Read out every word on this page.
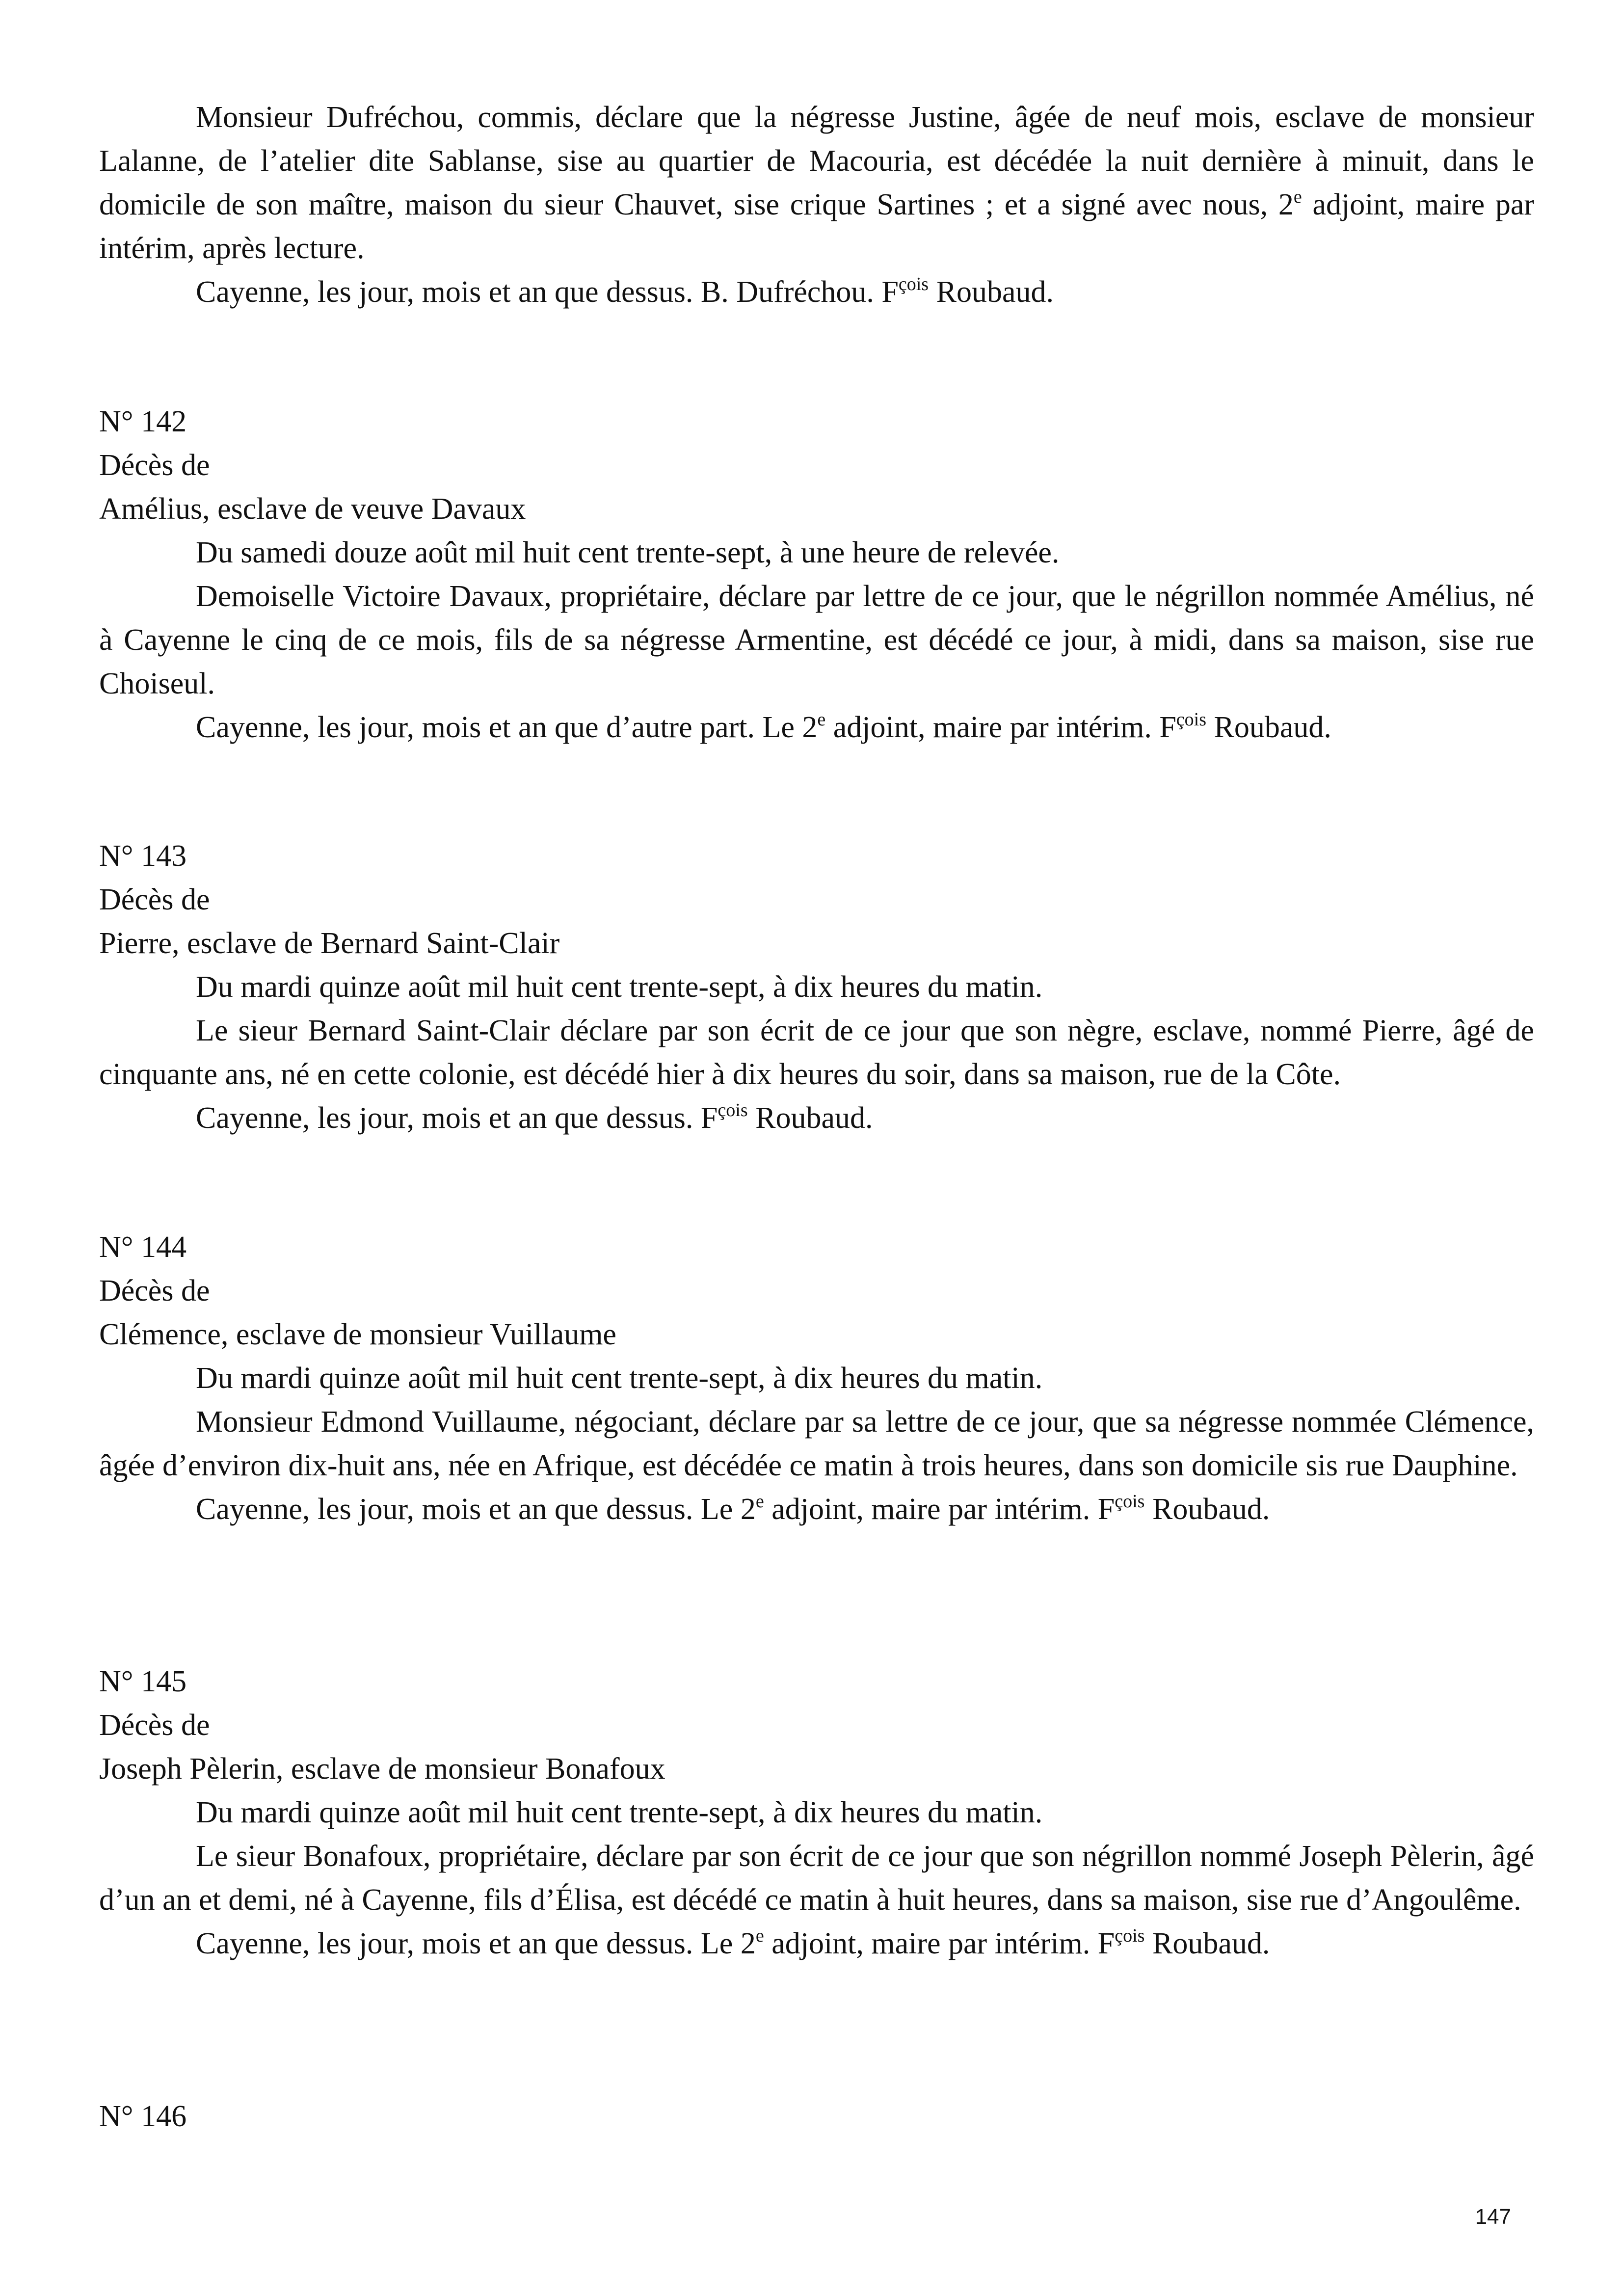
Monsieur Dufréchou, commis, déclare que la négresse Justine, âgée de neuf mois, esclave de monsieur Lalanne, de l’atelier dite Sablanse, sise au quartier de Macouria, est décédée la nuit dernière à minuit, dans le domicile de son maître, maison du sieur Chauvet, sise crique Sartines ; et a signé avec nous, 2e adjoint, maire par intérim, après lecture.

Cayenne, les jour, mois et an que dessus. B. Dufréchou. $F^{çois}$ Roubaud.

N° 142

Décès de

Amélius, esclave de veuve Davaux

Du samedi douze août mil huit cent trente-sept, à une heure de relevée.

Demoiselle Victoire Davaux, propriétaire, déclare par lettre de ce jour, que le négrillon nommée Amélius, né à Cayenne le cinq de ce mois, fils de sa négresse Armentine, est décédé ce jour, à midi, dans sa maison, sise rue Choiseul.

Cayenne, les jour, mois et an que d’autre part. Le 2e adjoint, maire par intérim. $F^{çois}$ Roubaud.

N° 143

Décès de

Pierre, esclave de Bernard Saint-Clair

Du mardi quinze août mil huit cent trente-sept, à dix heures du matin.

Le sieur Bernard Saint-Clair déclare par son écrit de ce jour que son nègre, esclave, nommé Pierre, âgé de cinquante ans, né en cette colonie, est décédé hier à dix heures du soir, dans sa maison, rue de la Côte.

Cayenne, les jour, mois et an que dessus. $F^{çois}$ Roubaud.

N° 144

Décès de

Clémence, esclave de monsieur Vuillaume

Du mardi quinze août mil huit cent trente-sept, à dix heures du matin.

Monsieur Edmond Vuillaume, négociant, déclare par sa lettre de ce jour, que sa négresse nommée Clémence, âgée d’environ dix-huit ans, née en Afrique, est décédée ce matin à trois heures, dans son domicile sis rue Dauphine.

Cayenne, les jour, mois et an que dessus. Le 2e adjoint, maire par intérim. $F^{çois}$ Roubaud.

N° 145

Décès de

Joseph Pèlerin, esclave de monsieur Bonafoux

Du mardi quinze août mil huit cent trente-sept, à dix heures du matin.

Le sieur Bonafoux, propriétaire, déclare par son écrit de ce jour que son négrillon nommé Joseph Pèlerin, âgé d’un an et demi, né à Cayenne, fils d’Élisa, est décédé ce matin à huit heures, dans sa maison, sise rue d’Angoulême.

Cayenne, les jour, mois et an que dessus. Le 2e adjoint, maire par intérim. $F^{çois}$ Roubaud.

N° 146

147
